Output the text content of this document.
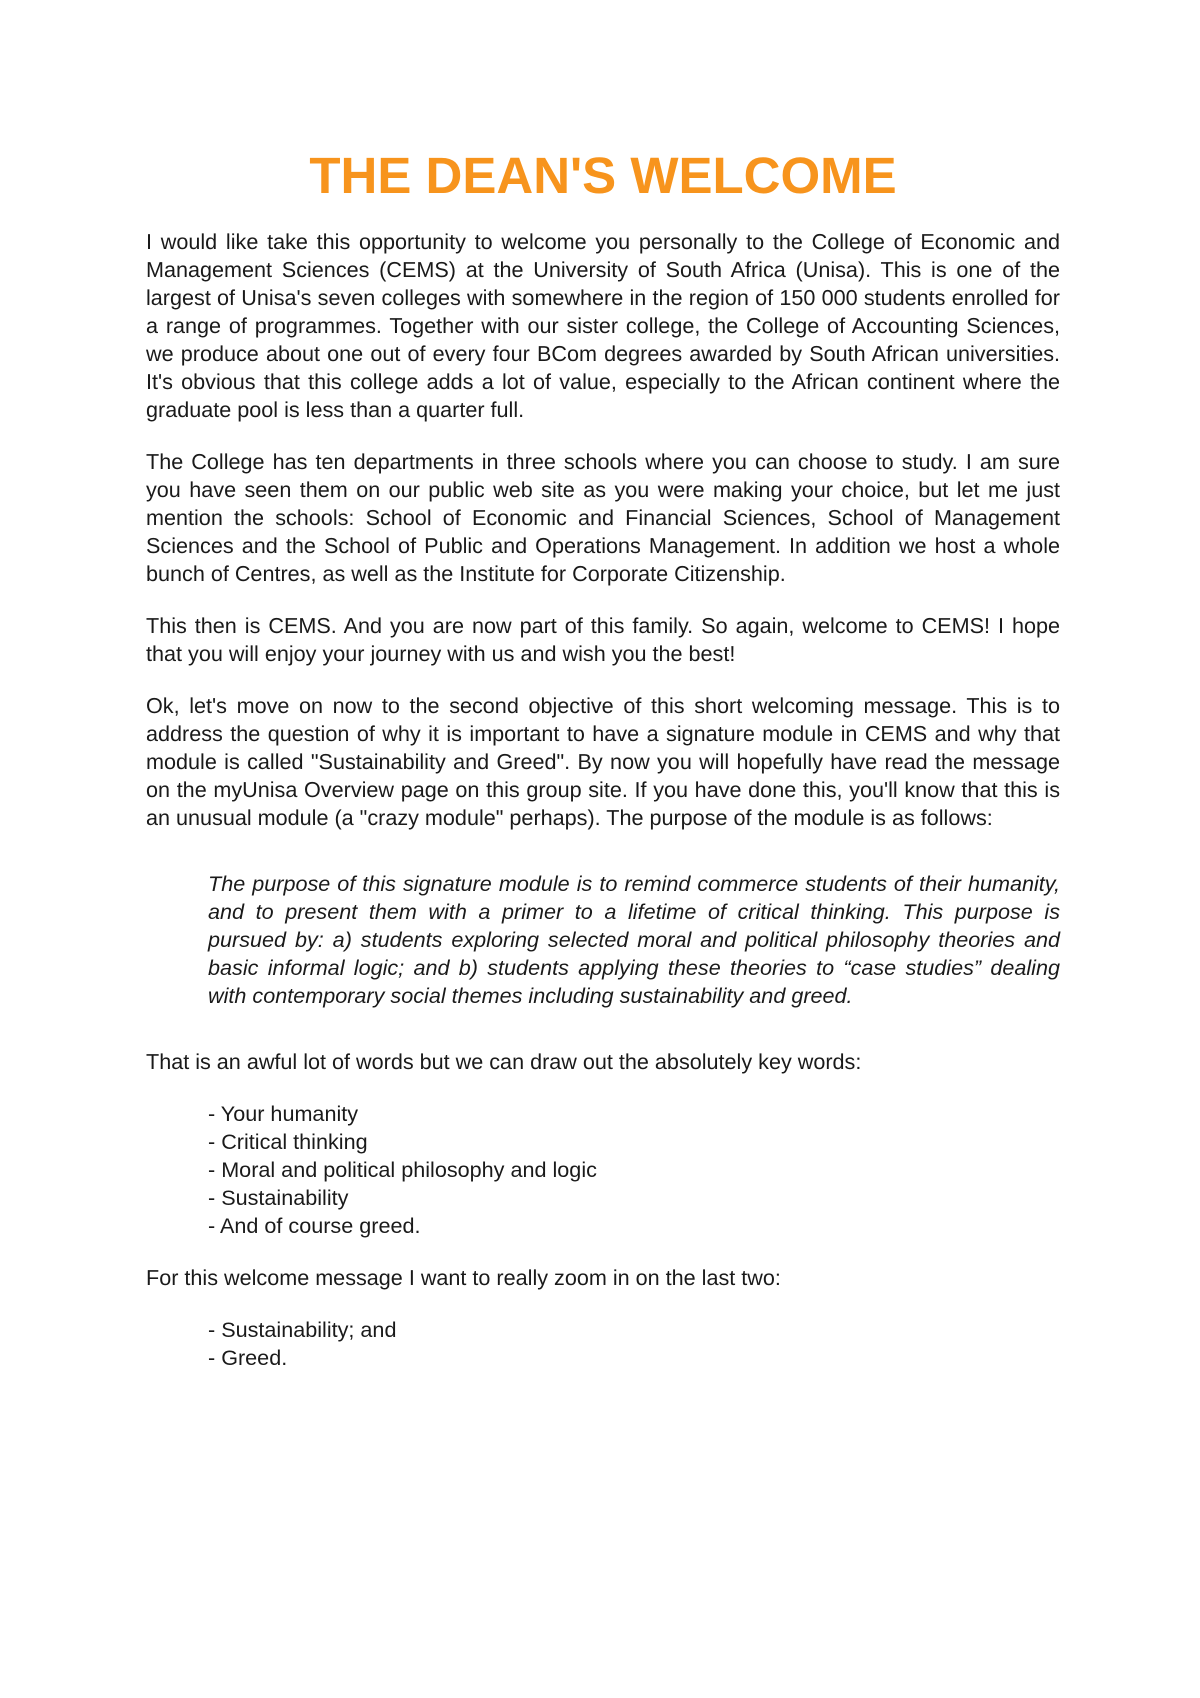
THE DEAN'S WELCOME

I would like take this opportunity to welcome you personally to the College of Economic and Management Sciences (CEMS) at the University of South Africa (Unisa). This is one of the largest of Unisa's seven colleges with somewhere in the region of 150 000 students enrolled for a range of programmes. Together with our sister college, the College of Accounting Sciences, we produce about one out of every four BCom degrees awarded by South African universities. It's obvious that this college adds a lot of value, especially to the African continent where the graduate pool is less than a quarter full.

The College has ten departments in three schools where you can choose to study. I am sure you have seen them on our public web site as you were making your choice, but let me just mention the schools: School of Economic and Financial Sciences, School of Management Sciences and the School of Public and Operations Management. In addition we host a whole bunch of Centres, as well as the Institute for Corporate Citizenship.

This then is CEMS. And you are now part of this family. So again, welcome to CEMS! I hope that you will enjoy your journey with us and wish you the best!

Ok, let's move on now to the second objective of this short welcoming message. This is to address the question of why it is important to have a signature module in CEMS and why that module is called "Sustainability and Greed". By now you will hopefully have read the message on the myUnisa Overview page on this group site. If you have done this, you'll know that this is an unusual module (a "crazy module" perhaps). The purpose of the module is as follows:

The purpose of this signature module is to remind commerce students of their humanity, and to present them with a primer to a lifetime of critical thinking. This purpose is pursued by: a) students exploring selected moral and political philosophy theories and basic informal logic; and b) students applying these theories to “case studies” dealing with contemporary social themes including sustainability and greed.

That is an awful lot of words but we can draw out the absolutely key words:

- Your humanity
- Critical thinking
- Moral and political philosophy and logic
- Sustainability
- And of course greed.

For this welcome message I want to really zoom in on the last two:

- Sustainability; and
- Greed.
